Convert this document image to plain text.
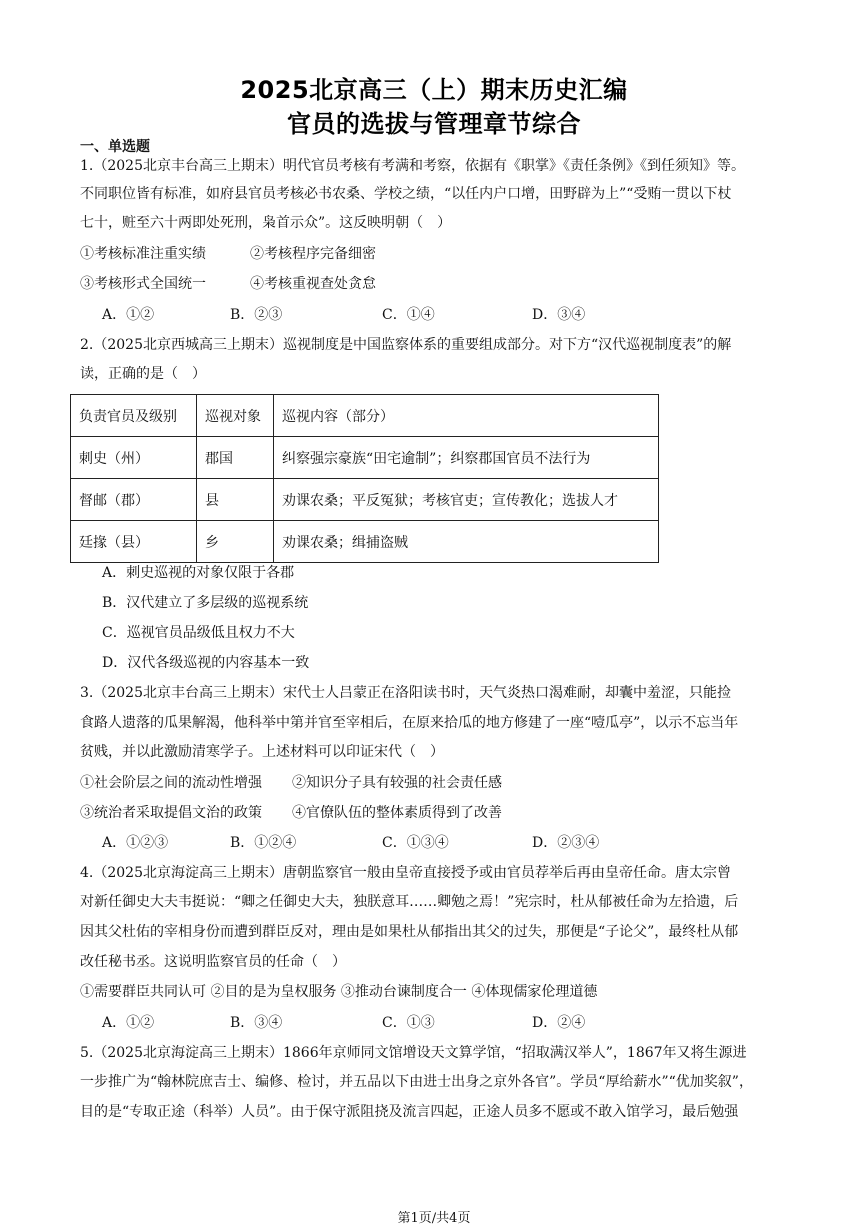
2025北京高三（上）期末历史汇编
官员的选拔与管理章节综合
一、单选题
1.（2025北京丰台高三上期末）明代官员考核有考满和考察，依据有《职掌》《责任条例》《到任须知》等。
不同职位皆有标准，如府县官员考核必书农桑、学校之绩，“以任内户口增，田野辟为上”“受贿一贯以下杖
七十，赃至六十两即处死刑，枭首示众”。这反映明朝（　）
①考核标准注重实绩	②考核程序完备细密
③考核形式全国统一	④考核重视查处贪怠
A．①②	B．②③	C．①④	D．③④
2.（2025北京西城高三上期末）巡视制度是中国监察体系的重要组成部分。对下方“汉代巡视制度表”的解
读，正确的是（　）
负责官员及级别	巡视对象	巡视内容（部分）
刺史（州）	郡国	纠察强宗豪族“田宅逾制”；纠察郡国官员不法行为
督邮（郡）	县	劝课农桑；平反冤狱；考核官吏；宣传教化；选拔人才
廷掾（县）	乡	劝课农桑；缉捕盗贼
A．刺史巡视的对象仅限于各郡
B．汉代建立了多层级的巡视系统
C．巡视官员品级低且权力不大
D．汉代各级巡视的内容基本一致
3.（2025北京丰台高三上期末）宋代士人吕蒙正在洛阳读书时，天气炎热口渴难耐，却囊中羞涩，只能捡
食路人遗落的瓜果解渴，他科举中第并官至宰相后，在原来拾瓜的地方修建了一座“噎瓜亭”，以示不忘当年
贫贱，并以此激励清寒学子。上述材料可以印证宋代（　）
①社会阶层之间的流动性增强 ②知识分子具有较强的社会责任感
③统治者采取提倡文治的政策 ④官僚队伍的整体素质得到了改善
A．①②③	B．①②④	C．①③④	D．②③④
4.（2025北京海淀高三上期末）唐朝监察官一般由皇帝直接授予或由官员荐举后再由皇帝任命。唐太宗曾
对新任御史大夫韦挺说：“卿之任御史大夫，独朕意耳……卿勉之焉！”宪宗时，杜从郁被任命为左拾遗，后
因其父杜佑的宰相身份而遭到群臣反对，理由是如果杜从郁指出其父的过失，那便是“子论父”，最终杜从郁
改任秘书丞。这说明监察官员的任命（　）
①需要群臣共同认可 ②目的是为皇权服务 ③推动台谏制度合一 ④体现儒家伦理道德
A．①②	B．③④	C．①③	D．②④
5.（2025北京海淀高三上期末）1866年京师同文馆增设天文算学馆，“招取满汉举人”，1867年又将生源进
一步推广为“翰林院庶吉士、编修、检讨，并五品以下由进士出身之京外各官”。学员“厚给薪水”“优加奖叙”，
目的是“专取正途（科举）人员”。由于保守派阻挠及流言四起，正途人员多不愿或不敢入馆学习，最后勉强
第1页/共4页
